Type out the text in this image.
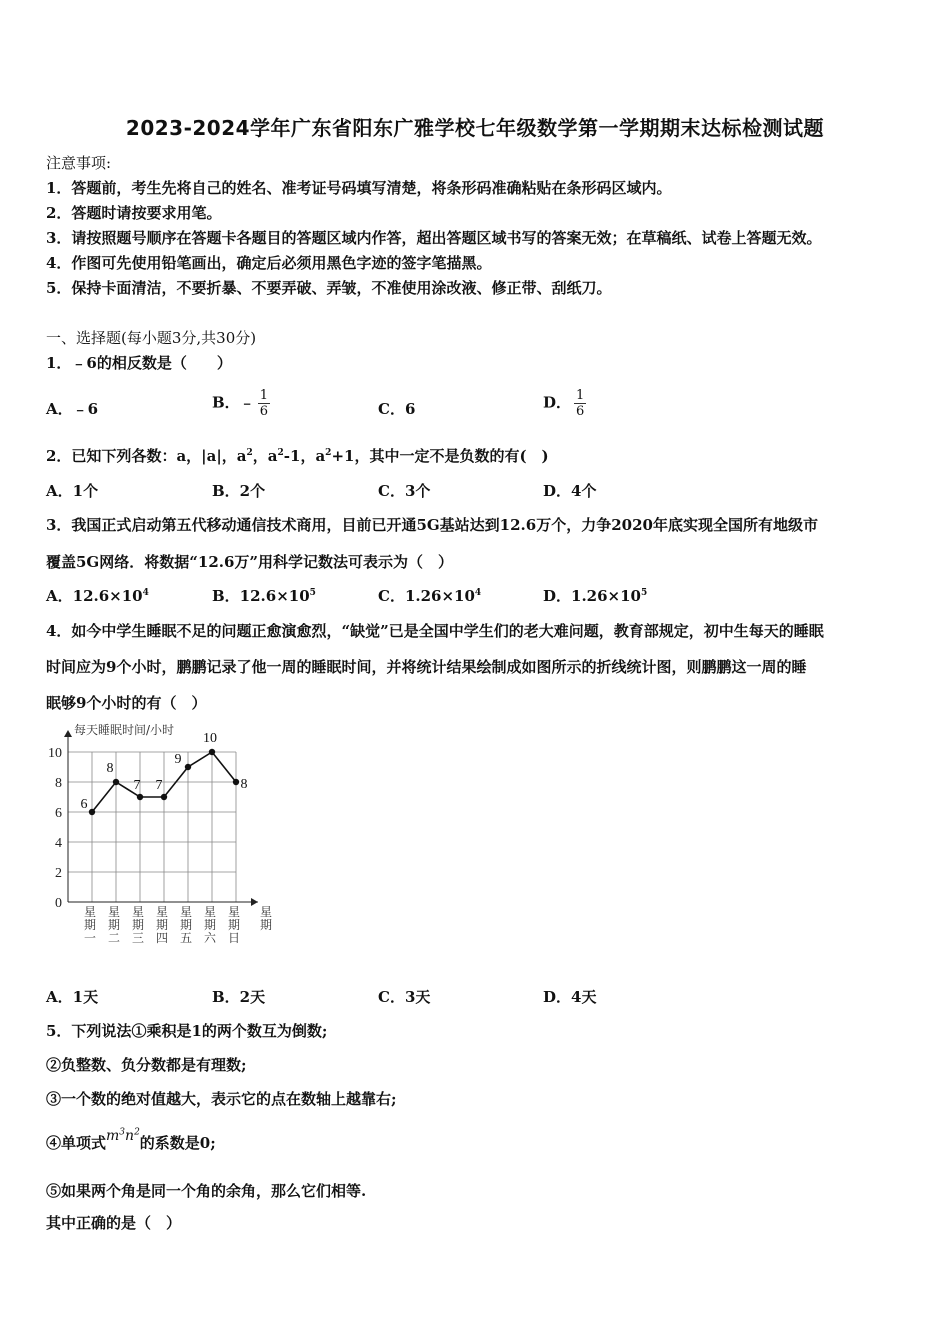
2023-2024学年广东省阳东广雅学校七年级数学第一学期期末达标检测试题
注意事项:
1．答题前，考生先将自己的姓名、准考证号码填写清楚，将条形码准确粘贴在条形码区域内。
2．答题时请按要求用笔。
3．请按照题号顺序在答题卡各题目的答题区域内作答，超出答题区域书写的答案无效；在草稿纸、试卷上答题无效。
4．作图可先使用铅笔画出，确定后必须用黑色字迹的签字笔描黑。
5．保持卡面清洁，不要折暴、不要弄破、弄皱，不准使用涂改液、修正带、刮纸刀。
一、选择题(每小题3分,共30分)
1．﹣6的相反数是（　　）
A．﹣6	B．﹣ $\frac{1}{6}$	C．6	D． $\frac{1}{6}$
2．已知下列各数：a，|a|，$a^2$，$a^2-1$，$a^2+1$，其中一定不是负数的有(　)
A．1个	B．2个	C．3个	D．4个
3．我国正式启动第五代移动通信技术商用，目前已开通5G基站达到12.6万个，力争2020年底实现全国所有地级市
覆盖5G网络．将数据“12.6万”用科学记数法可表示为（　）
A．$12.6\times 10^4$	B．$12.6\times 10^5$	C．$1.26\times 10^4$	D．$1.26\times 10^5$
4．如今中学生睡眠不足的问题正愈演愈烈，“缺觉”已是全国中学生们的老大难问题，教育部规定，初中生每天的睡眠
时间应为9个小时，鹏鹏记录了他一周的睡眠时间，并将统计结果绘制成如图所示的折线统计图，则鹏鹏这一周的睡
眠够9个小时的有（　）
0
2
4
6
8
10
每天睡眠时间/小时
星
期
星
期
一
星
期
二
星
期
三
星
期
四
星
期
五
星
期
六
星
期
日
6
8
7 7
9
10
8
A．1天	B．2天	C．3天	D．4天
5．下列说法①乘积是1的两个数互为倒数;
②负整数、负分数都是有理数;
③一个数的绝对值越大，表示它的点在数轴上越靠右;
④单项式$m^3n^2$的系数是0;
⑤如果两个角是同一个角的余角，那么它们相等.
其中正确的是（　）
